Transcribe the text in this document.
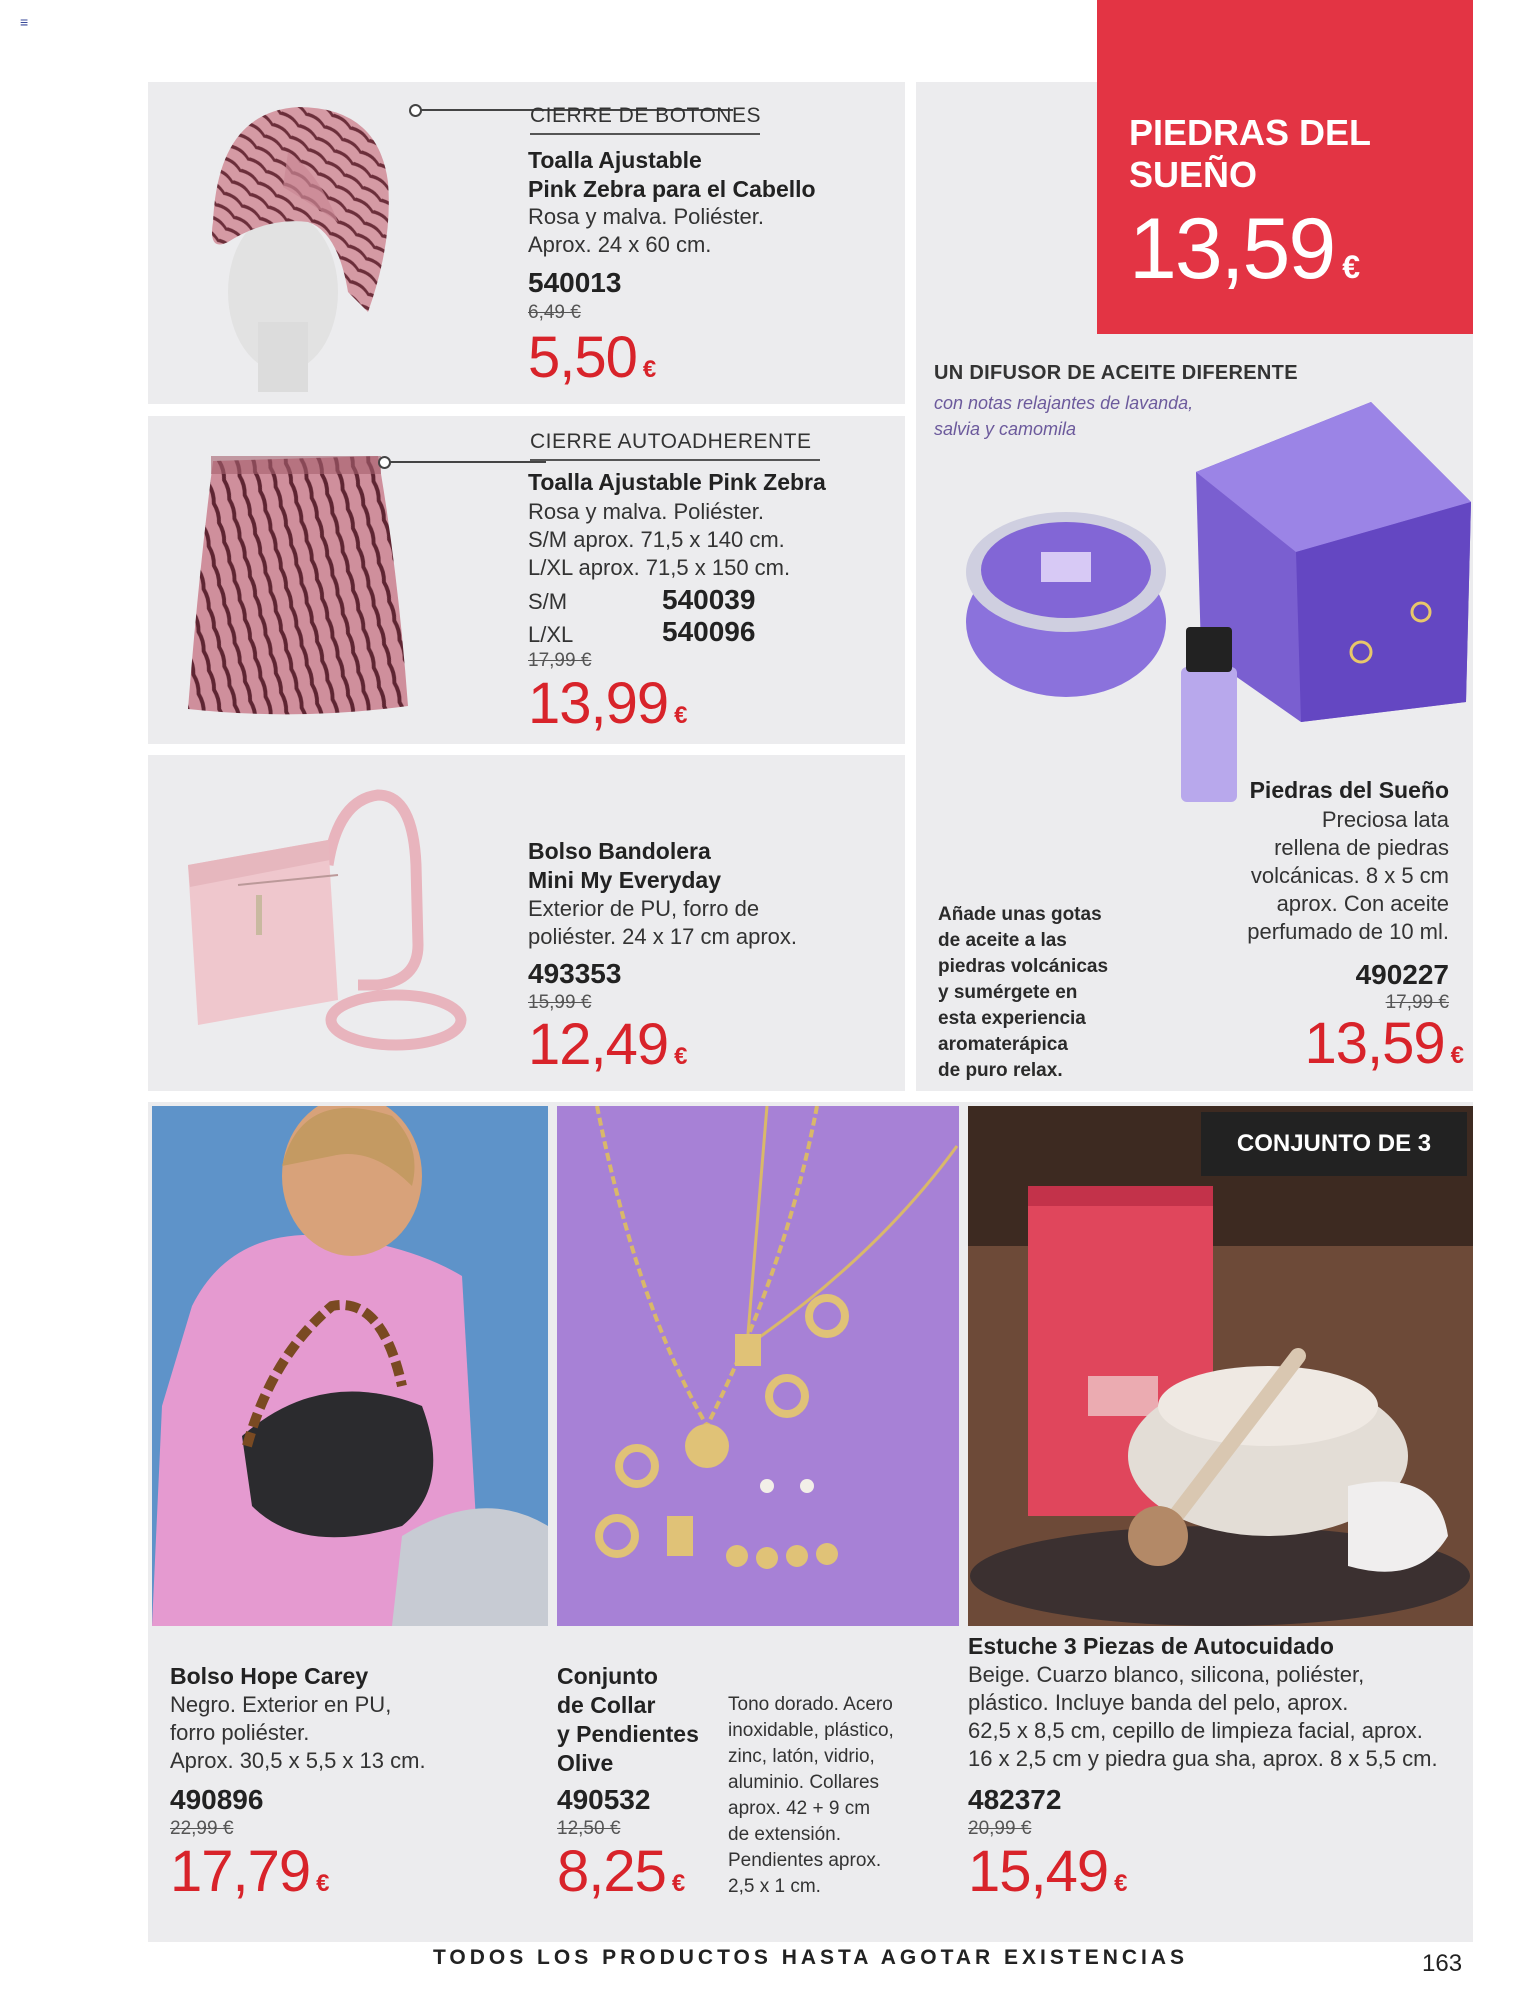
≡
CIERRE DE BOTONES
Toalla Ajustable
Pink Zebra para el Cabello
Rosa y malva. Poliéster.
Aprox. 24 x 60 cm.
540013
6,49 €
5,50 €
CIERRE AUTOADHERENTE
Toalla Ajustable Pink Zebra
Rosa y malva. Poliéster.
S/M aprox. 71,5 x 140 cm.
L/XL aprox. 71,5 x 150 cm.
S/M	540039
L/XL	540096
17,99 €
13,99 €
Bolso Bandolera
Mini My Everyday
Exterior de PU, forro de
poliéster. 24 x 17 cm aprox.
493353
15,99 €
12,49 €
UN DIFUSOR DE ACEITE DIFERENTE
con notas relajantes de lavanda,
salvia y camomila
Añade unas gotas
de aceite a las
piedras volcánicas
y sumérgete en
esta experiencia
aromaterápica
de puro relax.
Piedras del Sueño
Preciosa lata
rellena de piedras
volcánicas. 8 x 5 cm
aprox. Con aceite
perfumado de 10 ml.
490227
17,99 €
13,59 €
PIEDRAS DEL
SUEÑO
13,59 €
CONJUNTO DE 3
Bolso Hope Carey
Negro. Exterior en PU,
forro poliéster.
Aprox. 30,5 x 5,5 x 13 cm.
490896
22,99 €
17,79 €
Conjunto
de Collar
y Pendientes
Olive
Tono dorado. Acero
inoxidable, plástico,
zinc, latón, vidrio,
aluminio. Collares
aprox. 42 + 9 cm
de extensión.
Pendientes aprox.
2,5 x 1 cm.
490532
12,50 €
8,25 €
Estuche 3 Piezas de Autocuidado
Beige. Cuarzo blanco, silicona, poliéster,
plástico. Incluye banda del pelo, aprox.
62,5 x 8,5 cm, cepillo de limpieza facial, aprox.
16 x 2,5 cm y piedra gua sha, aprox. 8 x 5,5 cm.
482372
20,99 €
15,49 €
TODOS LOS PRODUCTOS HASTA AGOTAR EXISTENCIAS	163
